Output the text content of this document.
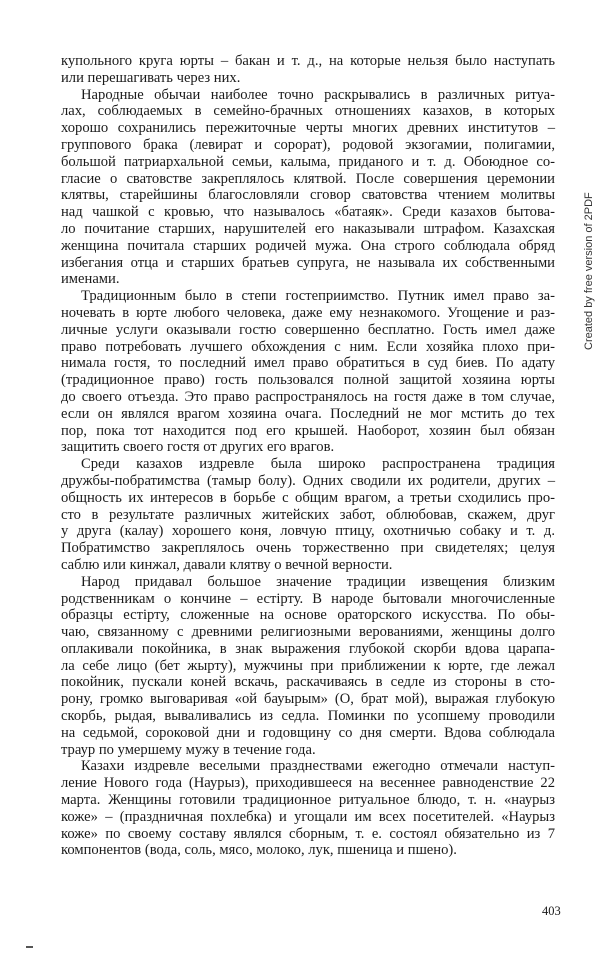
купольного круга юрты – бакан и т. д., на которые нельзя было наступать
или перешагивать через них.
Народные обычаи наиболее точно раскрывались в различных ритуа-
лах, соблюдаемых в семейно-брачных отношениях казахов, в которых
хорошо сохранились пережиточные черты многих древних институтов –
группового брака (левират и сорорат), родовой экзогамии, полигамии,
большой патриархальной семьи, калыма, приданого и т. д. Обоюдное со-
гласие о сватовстве закреплялось клятвой. После совершения церемонии
клятвы, старейшины благословляли сговор сватовства чтением молитвы
над чашкой с кровью, что называлось «батаяк». Среди казахов бытова-
ло почитание старших, нарушителей его наказывали штрафом. Казахская
женщина почитала старших родичей мужа. Она строго соблюдала обряд
избегания отца и старших братьев супруга, не называла их собственными
именами.
Традиционным было в степи гостеприимство. Путник имел право за-
ночевать в юрте любого человека, даже ему незнакомого. Угощение и раз-
личные услуги оказывали гостю совершенно бесплатно. Гость имел даже
право потребовать лучшего обхождения с ним. Если хозяйка плохо при-
нимала гостя, то последний имел право обратиться в суд биев. По адату
(традиционное право) гость пользовался полной защитой хозяина юрты
до своего отъезда. Это право распространялось на гостя даже в том случае,
если он являлся врагом хозяина очага. Последний не мог мстить до тех
пор, пока тот находится под его крышей. Наоборот, хозяин был обязан
защитить своего гостя от других его врагов.
Среди казахов издревле была широко распространена традиция
дружбы-побратимства (тамыр болу). Одних сводили их родители, других –
общность их интересов в борьбе с общим врагом, а третьи сходились про-
сто в результате различных житейских забот, облюбовав, скажем, друг
у друга (калау) хорошего коня, ловчую птицу, охотничью собаку и т. д.
Побратимство закреплялось очень торжественно при свидетелях; целуя
саблю или кинжал, давали клятву о вечной верности.
Народ придавал большое значение традиции извещения близким
родственникам о кончине – естірту. В народе бытовали многочисленные
образцы естірту, сложенные на основе ораторского искусства. По обы-
чаю, связанному с древними религиозными верованиями, женщины долго
оплакивали покойника, в знак выражения глубокой скорби вдова царапа-
ла себе лицо (бет жырту), мужчины при приближении к юрте, где лежал
покойник, пускали коней вскачь, раскачиваясь в седле из стороны в сто-
рону, громко выговаривая «ой бауырым» (О, брат мой), выражая глубокую
скорбь, рыдая, вываливались из седла. Поминки по усопшему проводили
на седьмой, сороковой дни и годовщину со дня смерти. Вдова соблюдала
траур по умершему мужу в течение года.
Казахи издревле веселыми празднествами ежегодно отмечали наступ-
ление Нового года (Наурыз), приходившееся на весеннее равноденствие 22
марта. Женщины готовили традиционное ритуальное блюдо, т. н. «наурыз
коже» – (праздничная похлебка) и угощали им всех посетителей. «Наурыз
коже» по своему составу являлся сборным, т. е. состоял обязательно из 7
компонентов (вода, соль, мясо, молоко, лук, пшеница и пшено).
403
Created by free version of 2PDF
